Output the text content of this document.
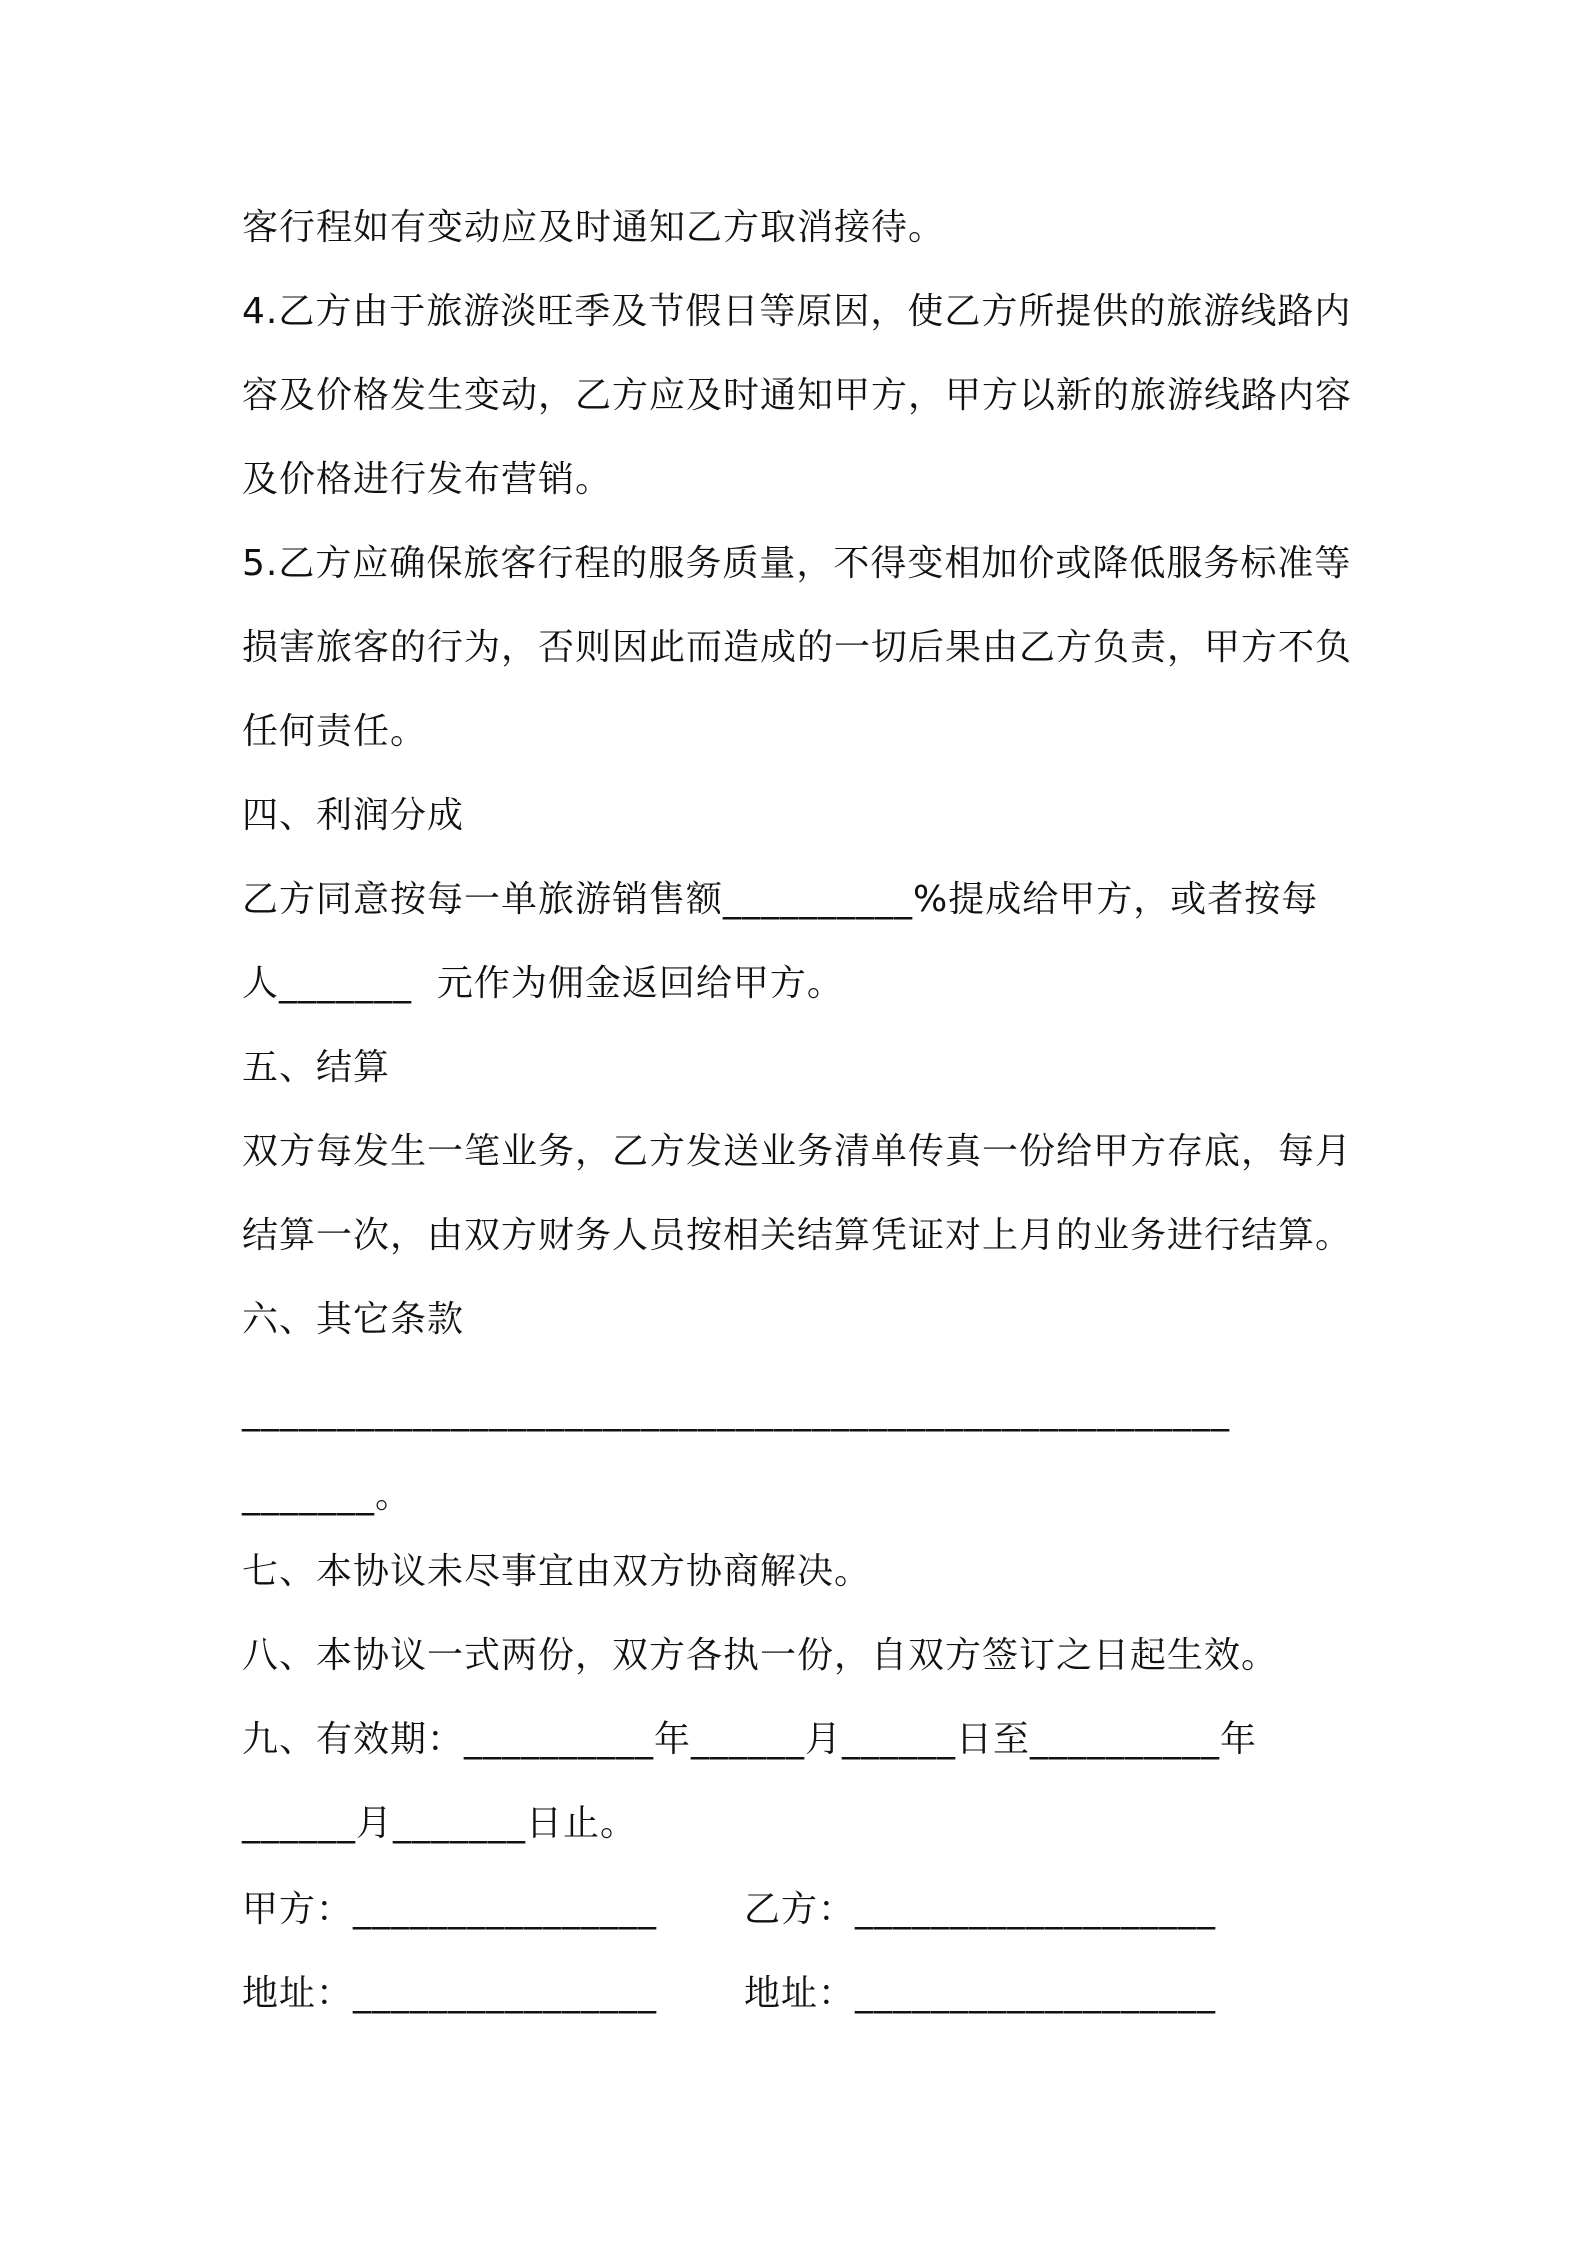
客行程如有变动应及时通知乙方取消接待。
4.乙方由于旅游淡旺季及节假日等原因，使乙方所提供的旅游线路内
容及价格发生变动，乙方应及时通知甲方，甲方以新的旅游线路内容
及价格进行发布营销。
5.乙方应确保旅客行程的服务质量，不得变相加价或降低服务标准等
损害旅客的行为，否则因此而造成的一切后果由乙方负责，甲方不负
任何责任。
四、利润分成
乙方同意按每一单旅游销售额__________%提成给甲方，或者按每
人_______  元作为佣金返回给甲方。
五、结算
双方每发生一笔业务，乙方发送业务清单传真一份给甲方存底，每月
结算一次，由双方财务人员按相关结算凭证对上月的业务进行结算。
六、其它条款
____________________________________________________
_______。
七、本协议未尽事宜由双方协商解决。
八、本协议一式两份，双方各执一份，自双方签订之日起生效。
九、有效期：__________年______月______日至__________年
______月_______日止。
甲方：________________ 乙方：___________________
地址：________________ 地址：___________________
